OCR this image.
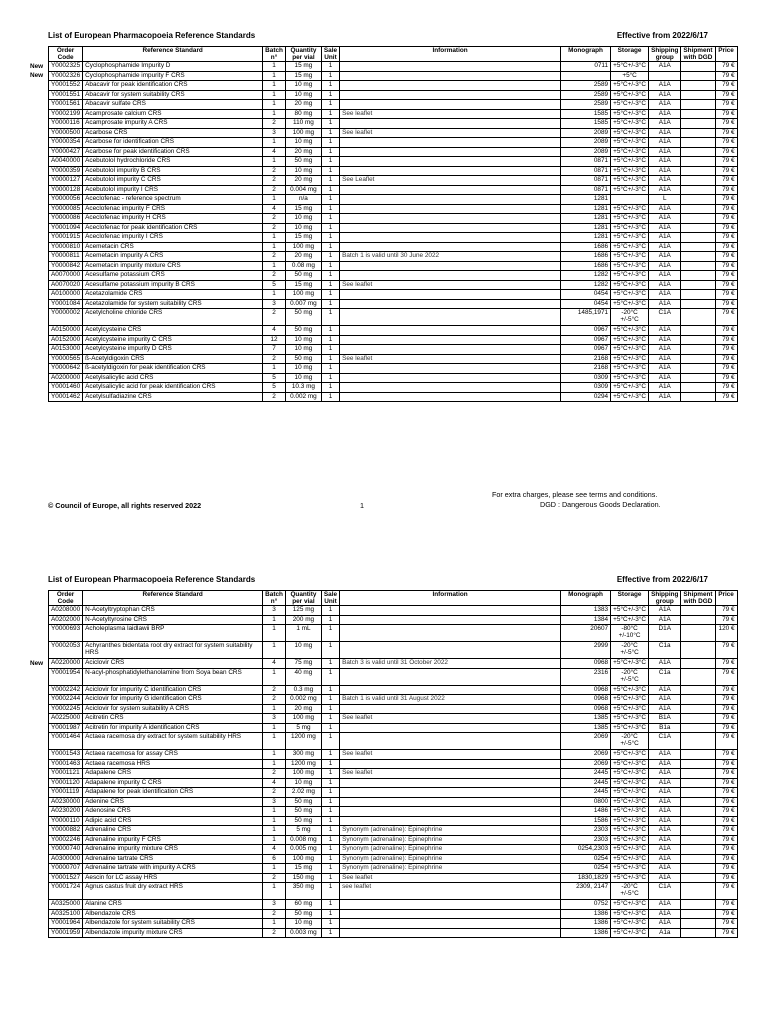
List of European Pharmacopoeia Reference Standards	Effective from 2022/6/17
Order Code	Reference Standard	Batch n°	Quantity per vial	Sale Unit	Information	Monograph	Storage	Shipping group	Shipment with DGD	Price
Y0002325	Cyclophosphamide Impurity D	1	15 mg	1		0711	+5°C+/-3°C	A1A		79 €
Y0002326	Cyclophosphamide impurity F CRS	1	15 mg	1			+5°C			79 €
Y0001552	Abacavir for peak identification CRS	1	10 mg	1		2589	+5°C+/-3°C	A1A		79 €
Y0001551	Abacavir for system suitability CRS	1	10 mg	1		2589	+5°C+/-3°C	A1A		79 €
Y0001561	Abacavir sulfate CRS	1	20 mg	1		2589	+5°C+/-3°C	A1A		79 €
Y0002199	Acamprosate calcium CRS	1	80 mg	1	See leaflet	1585	+5°C+/-3°C	A1A		79 €
Y0000116	Acamprosate impurity A CRS	2	110 mg	1		1585	+5°C+/-3°C	A1A		79 €
Y0000500	Acarbose CRS	3	100 mg	1	See leaflet	2089	+5°C+/-3°C	A1A		79 €
Y0000354	Acarbose for identification CRS	1	10 mg	1		2089	+5°C+/-3°C	A1A		79 €
Y0000427	Acarbose for peak identification CRS	4	20 mg	1		2089	+5°C+/-3°C	A1A		79 €
A0040000	Acebutolol hydrochloride CRS	1	50 mg	1		0871	+5°C+/-3°C	A1A		79 €
Y0000359	Acebutolol impurity B CRS	2	10 mg	1		0871	+5°C+/-3°C	A1A		79 €
Y0000127	Acebutolol impurity C CRS	2	20 mg	1	See Leaflet	0871	+5°C+/-3°C	A1A		79 €
Y0000128	Acebutolol impurity I CRS	2	0.004 mg	1		0871	+5°C+/-3°C	A1A		79 €
Y0000056	Aceclofenac - reference spectrum	1	n/a	1		1281		L		79 €
Y0000085	Aceclofenac impurity F CRS	4	15 mg	1		1281	+5°C+/-3°C	A1A		79 €
Y0000086	Aceclofenac impurity H CRS	2	10 mg	1		1281	+5°C+/-3°C	A1A		79 €
Y0001094	Aceclofenac for peak identification CRS	2	10 mg	1		1281	+5°C+/-3°C	A1A		79 €
Y0001915	Aceclofenac impurity I CRS	1	15 mg	1		1281	+5°C+/-3°C	A1A		79 €
Y0000810	Acemetacin CRS	1	100 mg	1		1686	+5°C+/-3°C	A1A		79 €
Y0000811	Acemetacin impurity A CRS	2	20 mg	1	Batch 1 is valid until 30 June 2022	1686	+5°C+/-3°C	A1A		79 €
Y0000842	Acemetacin impurity mixture CRS	1	0.08 mg	1		1686	+5°C+/-3°C	A1A		79 €
A0070000	Acesulfame potassium CRS	2	50 mg	1		1282	+5°C+/-3°C	A1A		79 €
A0070020	Acesulfame potassium impurity B CRS	5	15 mg	1	See leaflet	1282	+5°C+/-3°C	A1A		79 €
A0100000	Acetazolamide CRS	1	100 mg	1		0454	+5°C+/-3°C	A1A		79 €
Y0001084	Acetazolamide for system suitability CRS	3	0.007 mg	1		0454	+5°C+/-3°C	A1A		79 €
Y0000002	Acetylcholine chloride CRS	2	50 mg	1		1485,1971	-20°C +/-5°C	C1A		79 €
A0150000	Acetylcysteine CRS	4	50 mg	1		0967	+5°C+/-3°C	A1A		79 €
A0152000	Acetylcysteine impurity C CRS	12	10 mg	1		0967	+5°C+/-3°C	A1A		79 €
A0153000	Acetylcysteine impurity D CRS	7	10 mg	1		0967	+5°C+/-3°C	A1A		79 €
Y0000565	ß-Acetyldigoxin CRS	2	50 mg	1	See leaflet	2168	+5°C+/-3°C	A1A		79 €
Y0000642	ß-acetyldigoxin for peak identification CRS	1	10 mg	1		2168	+5°C+/-3°C	A1A		79 €
A0200000	Acetylsalicylic acid CRS	5	10 mg	1		0309	+5°C+/-3°C	A1A		79 €
Y0001460	Acetylsalicylic acid for peak identification CRS	5	10.3 mg	1		0309	+5°C+/-3°C	A1A		79 €
Y0001462	Acetylsulfadiazine CRS	2	0.002 mg	1		0294	+5°C+/-3°C	A1A		79 €
For extra charges, please see terms and conditions.
DGD : Dangerous Goods Declaration.
© Council of Europe, all rights reserved 2022	1
New
New
List of European Pharmacopoeia Reference Standards	Effective from 2022/6/17
Order Code	Reference Standard	Batch n°	Quantity per vial	Sale Unit	Information	Monograph	Storage	Shipping group	Shipment with DGD	Price
A0208000	N-Acetyltryptophan CRS	3	125 mg	1		1383	+5°C+/-3°C	A1A		79 €
A0202000	N-Acetyltyrosine CRS	1	200 mg	1		1384	+5°C+/-3°C	A1A		79 €
Y0000693	Acholeplasma laidlawii BRP	1	1 mL	1		20607	-80°C +/-10°C	D1A		120 €
Y0002053	Achyranthes bidentata root dry extract for system suitability HRS	1	10 mg	1		2999	-20°C +/-5°C	C1a		79 €
A0220000	Aciclovir CRS	4	75 mg	1	Batch 3 is valid until 31 October 2022	0968	+5°C+/-3°C	A1A		79 €
Y0001954	N-acyl-phosphatidylethanolamine from Soya bean CRS	1	40 mg	1		2316	-20°C +/-5°C	C1a		79 €
Y0002242	Aciclovir for impurity C identification CRS	2	0.3 mg	1		0968	+5°C+/-3°C	A1A		79 €
Y0002244	Aciclovir for impurity G identification CRS	2	0.002 mg	1	Batch 1 is valid until 31 August 2022	0968	+5°C+/-3°C	A1A		79 €
Y0002245	Aciclovir for system suitability A CRS	1	20 mg	1		0968	+5°C+/-3°C	A1A		79 €
A0225000	Acitretin CRS	3	100 mg	1	See leaflet	1385	+5°C+/-3°C	B1A		79 €
Y0001987	Acitretin for impurity A identification CRS	1	5 mg	1		1385	+5°C+/-3°C	B1a		79 €
Y0001464	Actaea racemosa dry extract for system suitability HRS	1	1200 mg	1		2069	-20°C +/-5°C	C1A		79 €
Y0001543	Actaea racemosa for assay CRS	1	300 mg	1	See leaflet	2069	+5°C+/-3°C	A1A		79 €
Y0001463	Actaea racemosa HRS	1	1200 mg	1		2069	+5°C+/-3°C	A1A		79 €
Y0001121	Adapalene CRS	2	100 mg	1	See leaflet	2445	+5°C+/-3°C	A1A		79 €
Y0001120	Adapalene impurity C CRS	4	10 mg	1		2445	+5°C+/-3°C	A1A		79 €
Y0001119	Adapalene for peak identification CRS	2	2.02 mg	1		2445	+5°C+/-3°C	A1A		79 €
A0230000	Adenine CRS	3	50 mg	1		0800	+5°C+/-3°C	A1A		79 €
A0230200	Adenosine CRS	1	50 mg	1		1486	+5°C+/-3°C	A1A		79 €
Y0000110	Adipic acid CRS	1	50 mg	1		1586	+5°C+/-3°C	A1A		79 €
Y0000882	Adrenaline CRS	1	5 mg	1	Synonym (adrenaline): Epinephrine	2303	+5°C+/-3°C	A1A		79 €
Y0002246	Adrenaline impurity F CRS	1	0.008 mg	1	Synonym (adrenaline): Epinephrine	2303	+5°C+/-3°C	A1A		79 €
Y0000740	Adrenaline impurity mixture CRS	4	0.005 mg	1	Synonym (adrenaline): Epinephrine	0254,2303	+5°C+/-3°C	A1A		79 €
A0300000	Adrenaline tartrate CRS	6	100 mg	1	Synonym (adrenaline): Epinephrine	0254	+5°C+/-3°C	A1A		79 €
Y0000707	Adrenaline tartrate with impurity A CRS	1	15 mg	1	Synonym (adrenaline): Epinephrine	0254	+5°C+/-3°C	A1A		79 €
Y0001527	Aescin for LC assay HRS	2	150 mg	1	See leaflet	1830,1829	+5°C+/-3°C	A1A		79 €
Y0001724	Agnus castus fruit dry extract HRS	1	350 mg	1	see leaflet	2309, 2147	-20°C +/-5°C	C1A		79 €
A0325000	Alanine CRS	3	60 mg	1		0752	+5°C+/-3°C	A1A		79 €
A0325100	Albendazole CRS	2	50 mg	1		1386	+5°C+/-3°C	A1A		79 €
Y0001964	Albendazole for system suitability CRS	1	10 mg	1		1386	+5°C+/-3°C	A1A		79 €
Y0001959	Albendazole impurity mixture CRS	2	0.003 mg	1		1386	+5°C+/-3°C	A1a		79 €
New
